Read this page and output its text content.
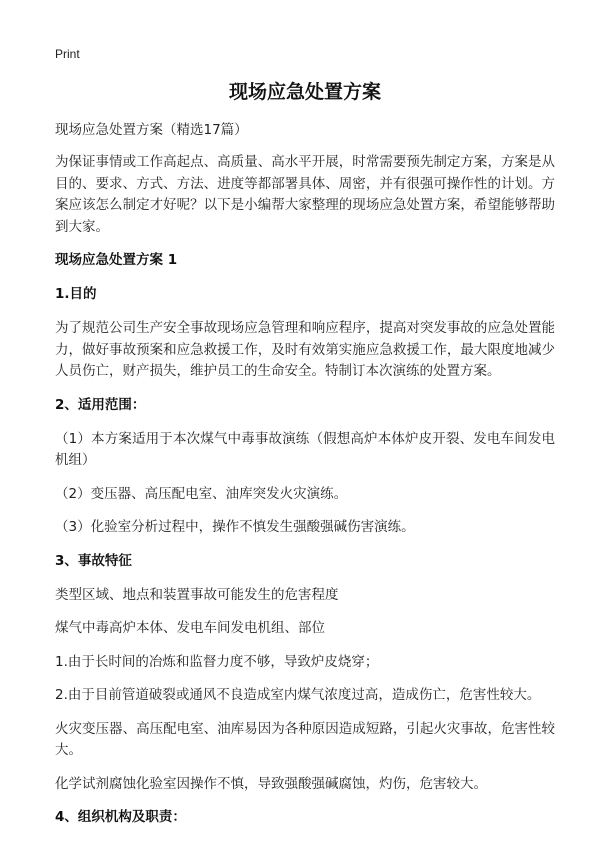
Print
现场应急处置方案
现场应急处置方案（精选17篇）
为保证事情或工作高起点、高质量、高水平开展，时常需要预先制定方案，方案是从目的、要求、方式、方法、进度等都部署具体、周密，并有很强可操作性的计划。方案应该怎么制定才好呢？以下是小编帮大家整理的现场应急处置方案，希望能够帮助到大家。
现场应急处置方案 1
1.目的
为了规范公司生产安全事故现场应急管理和响应程序，提高对突发事故的应急处置能力，做好事故预案和应急救援工作，及时有效第实施应急救援工作，最大限度地减少人员伤亡，财产损失，维护员工的生命安全。特制订本次演练的处置方案。
2、适用范围：
（1）本方案适用于本次煤气中毒事故演练（假想高炉本体炉皮开裂、发电车间发电机组）
（2）变压器、高压配电室、油库突发火灾演练。
（3）化验室分析过程中，操作不慎发生强酸强碱伤害演练。
3、事故特征
类型区域、地点和装置事故可能发生的危害程度
煤气中毒高炉本体、发电车间发电机组、部位
1.由于长时间的冶炼和监督力度不够，导致炉皮烧穿；
2.由于目前管道破裂或通风不良造成室内煤气浓度过高，造成伤亡，危害性较大。
火灾变压器、高压配电室、油库易因为各种原因造成短路，引起火灾事故，危害性较大。
化学试剂腐蚀化验室因操作不慎，导致强酸强碱腐蚀，灼伤，危害较大。
4、组织机构及职责：
